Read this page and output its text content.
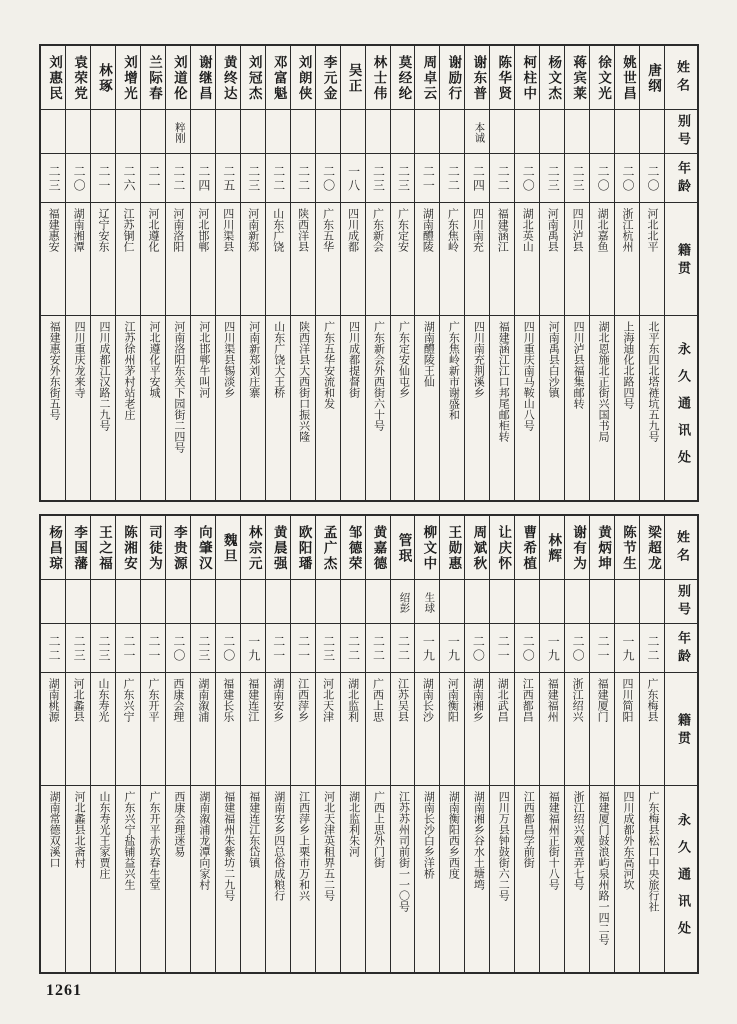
姓名
别号
年龄
籍贯
永久通讯处
唐纲
二〇
河北北平
北平东四北塔裢坑五九号
姚世昌
二〇
浙江杭州
上海迪化北路四号
徐文光
二〇
湖北嘉鱼
湖北恩施北正街兴国书局
蒋宾莱
二三
四川泸县
四川泸县福集邮转
杨文杰
二三
河南禹县
河南禹县白沙镇
柯柱中
二〇
湖北英山
四川重庆南马鞍山八号
陈华贤
二二
福建涵江
福建涵江江口邦尾邮柜转
谢东普
本诚
二四
四川南充
四川南充荆溪乡
谢励行
二二
广东焦岭
广东焦岭新市谢盛和
周卓云
二一
湖南醴陵
湖南醴陵王仙
莫经纶
二三
广东定安
广东定安仙屯乡
林士伟
二三
广东新会
广东新会外西街六十号
吴正
一八
四川成都
四川成都提督街
李元金
二〇
广东五华
广东五华安流和发
刘朗侠
二二
陕西洋县
陕西洋县大西街口振兴隆
邓富魁
二二
山东广饶
山东广饶大王桥
刘冠杰
二三
河南新郑
河南新郑刘庄寨
黄终达
二五
四川渠县
四川渠县锡淡乡
谢继昌
二四
河北邯郸
河北邯郸牛叫河
刘道伦
粹刚
二二
河南洛阳
河南洛阳东关下园街二四号
兰际春
二一
河北遵化
河北遵化平安城
刘增光
二六
江苏铜仁
江苏徐州茅村站老庄
林琢
二一
辽宁安东
四川成都江汉路二九号
袁荣党
二〇
湖南湘潭
四川重庆龙来寺
刘惠民
二三
福建惠安
福建惠安外东街五号
姓名
别号
年龄
籍贯
永久通讯处
梁超龙
二二
广东梅县
广东梅县松口中央旅行社
陈节生
一九
四川简阳
四川成都外东高河坎
黄炳坤
二一
福建厦门
福建厦门鼓浪屿泉州路一四二号
谢有为
二〇
浙江绍兴
浙江绍兴观音弄七号
林辉
一九
福建福州
福建福州正街十八号
曹希植
二〇
江西都昌
江西都昌学前街
让庆怀
二一
湖北武昌
四川万县钟鼓街六二号
周斌秋
二〇
湖南湘乡
湖南湘乡谷水土塘塆
王勋惠
一九
河南衡阳
湖南衡阳西乡西度
柳文中
生球
一九
湖南长沙
湖南长沙白乡洋桥
管珉
绍彭
二二
江苏吴县
江苏苏州司前街一一〇号
黄嘉德
二二
广西上思
广西上思外门街
邹德荣
二二
湖北监利
湖北监利朱河
孟广杰
二三
河北天津
河北天津英租界五二号
欧阳璠
二一
江西萍乡
江西萍乡上栗市万和兴
黄晨强
二一
湖南安乡
湖南安乡四总俗成粮行
林宗元
一九
福建连江
福建连江东岱镇
魏旦
二〇
福建长乐
福建福州朱紫坊二九号
向肇汉
二三
湖南溆浦
湖南溆浦龙潭向家村
李贵源
二〇
西康会理
西康会理迷易
司徒为
二一
广东开平
广东开平赤坎春生堂
陈湘安
二一
广东兴宁
广东兴宁盐铺益兴生
王之福
二三
山东寿光
山东寿光王家贾庄
李国藩
二三
河北蠡县
河北蠡县北斋村
杨昌琼
二二
湖南桃源
湖南常德双溪口
1261
